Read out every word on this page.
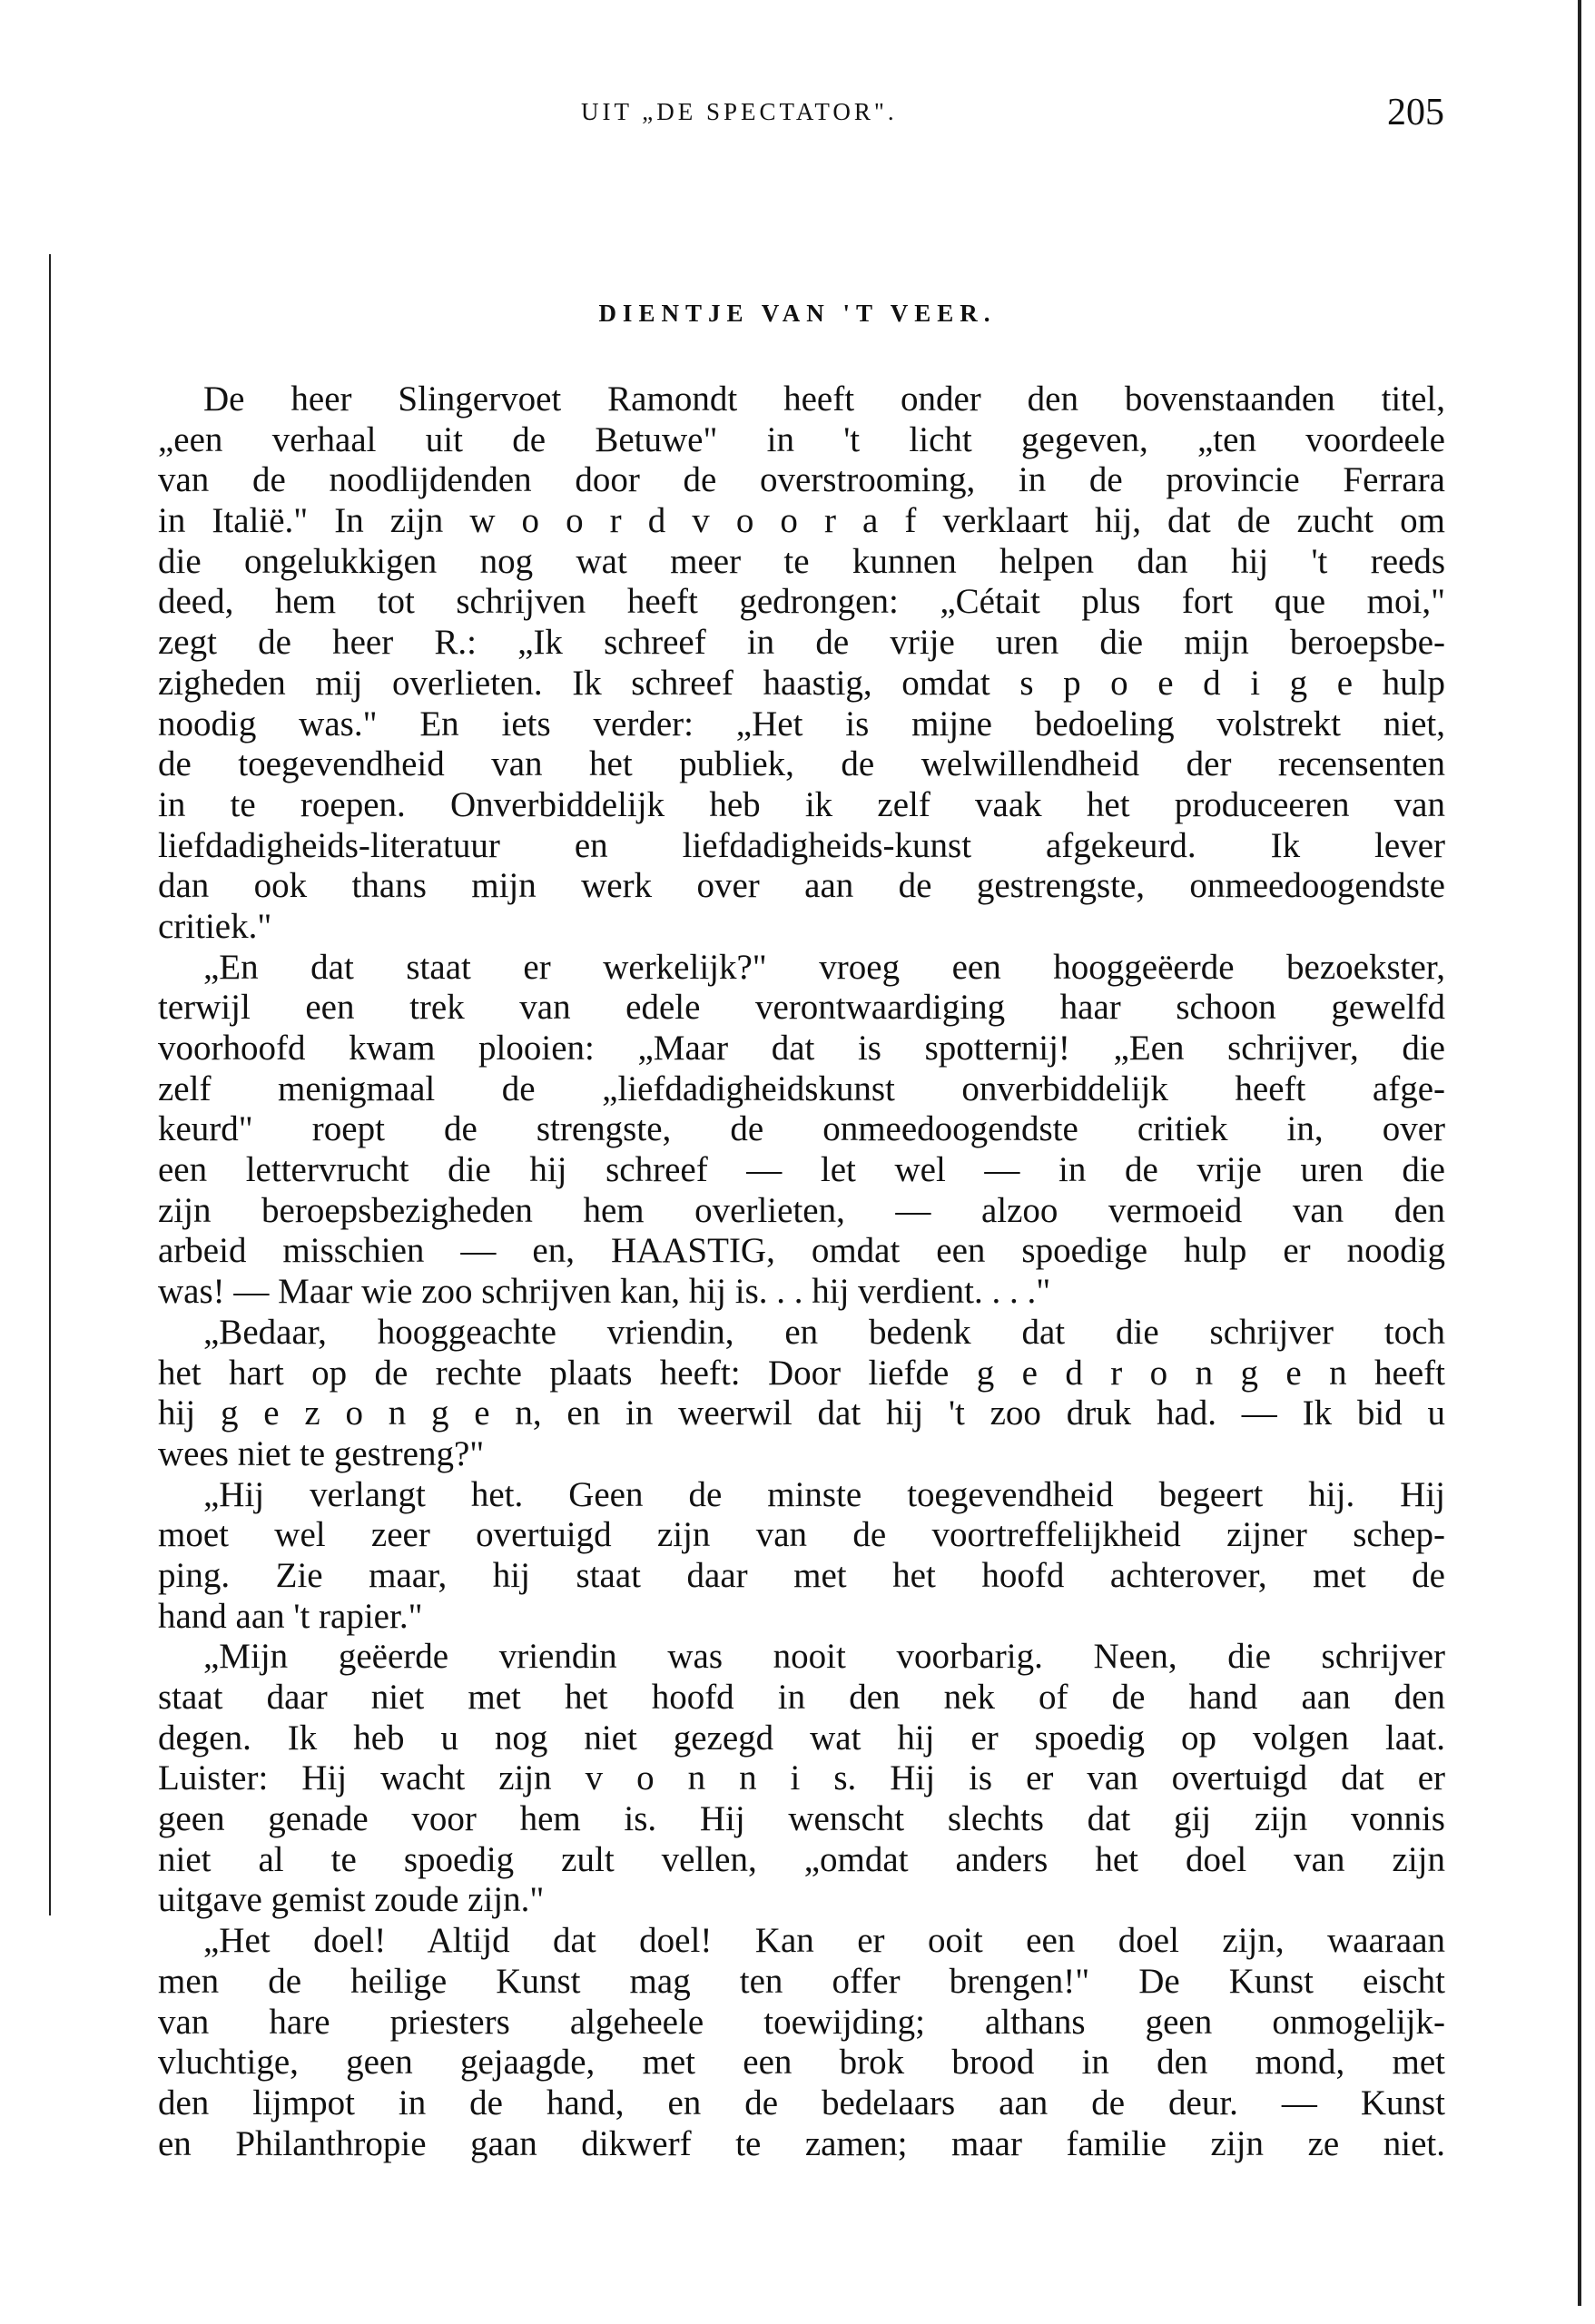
UIT „DE SPECTATOR".	205
DIENTJE VAN 'T VEER.
De heer Slingervoet Ramondt heeft onder den bovenstaanden titel,
„een verhaal uit de Betuwe" in 't licht gegeven, „ten voordeele
van de noodlijdenden door de overstrooming, in de provincie Ferrara
in Italië." In zijn w o o r d v o o r a f verklaart hij, dat de zucht om
die ongelukkigen nog wat meer te kunnen helpen dan hij 't reeds
deed, hem tot schrijven heeft gedrongen: „Cétait plus fort que moi,"
zegt de heer R.: „Ik schreef in de vrije uren die mijn beroepsbe-
zigheden mij overlieten. Ik schreef haastig, omdat s p o e d i g e hulp
noodig was." En iets verder: „Het is mijne bedoeling volstrekt niet,
de toegevendheid van het publiek, de welwillendheid der recensenten
in te roepen. Onverbiddelijk heb ik zelf vaak het produceeren van
liefdadigheids-literatuur en liefdadigheids-kunst afgekeurd. Ik lever
dan ook thans mijn werk over aan de gestrengste, onmeedoogendste
critiek."
„En dat staat er werkelijk?" vroeg een hooggeëerde bezoekster,
terwijl een trek van edele verontwaardiging haar schoon gewelfd
voorhoofd kwam plooien: „Maar dat is spotternij! „Een schrijver, die
zelf menigmaal de „liefdadigheidskunst onverbiddelijk heeft afge-
keurd" roept de strengste, de onmeedoogendste critiek in, over
een lettervrucht die hij schreef — let wel — in de vrije uren die
zijn beroepsbezigheden hem overlieten, — alzoo vermoeid van den
arbeid misschien — en, HAASTIG, omdat een spoedige hulp er noodig
was! — Maar wie zoo schrijven kan, hij is. . . hij verdient. . . ."
„Bedaar, hooggeachte vriendin, en bedenk dat die schrijver toch
het hart op de rechte plaats heeft: Door liefde g e d r o n g e n heeft
hij g e z o n g e n, en in weerwil dat hij 't zoo druk had. — Ik bid u
wees niet te gestreng?"
„Hij verlangt het. Geen de minste toegevendheid begeert hij. Hij
moet wel zeer overtuigd zijn van de voortreffelijkheid zijner schep-
ping. Zie maar, hij staat daar met het hoofd achterover, met de
hand aan 't rapier."
„Mijn geëerde vriendin was nooit voorbarig. Neen, die schrijver
staat daar niet met het hoofd in den nek of de hand aan den
degen. Ik heb u nog niet gezegd wat hij er spoedig op volgen laat.
Luister: Hij wacht zijn v o n n i s. Hij is er van overtuigd dat er
geen genade voor hem is. Hij wenscht slechts dat gij zijn vonnis
niet al te spoedig zult vellen, „omdat anders het doel van zijn
uitgave gemist zoude zijn."
„Het doel! Altijd dat doel! Kan er ooit een doel zijn, waaraan
men de heilige Kunst mag ten offer brengen!" De Kunst eischt
van hare priesters algeheele toewijding; althans geen onmogelijk-
vluchtige, geen gejaagde, met een brok brood in den mond, met
den lijmpot in de hand, en de bedelaars aan de deur. — Kunst
en Philanthropie gaan dikwerf te zamen; maar familie zijn ze niet.
